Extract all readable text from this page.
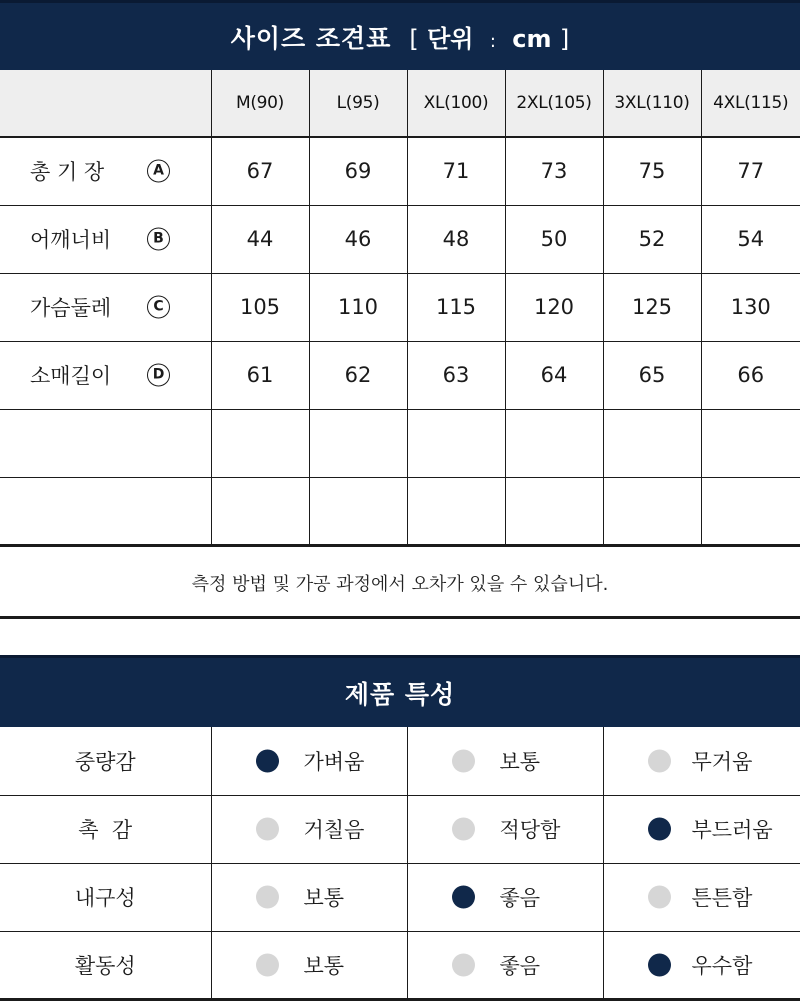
사이즈 조견표 [ 단위 : cm ]
	M(90)	L(95)	XL(100)	2XL(105)	3XL(110)	4XL(115)
총 기 장 A	67	69	71	73	75	77
어깨너비 B	44	46	48	50	52	54
가슴둘레 C	105	110	115	120	125	130
소매길이 D	61	62	63	64	65	66

측정 방법 및 가공 과정에서 오차가 있을 수 있습니다.
제품 특성
중량감	가벼움	보통	무거움

촉  감	거칠음	적당함	부드러움

내구성	보통	좋음	튼튼함

활동성	보통	좋음	우수함
